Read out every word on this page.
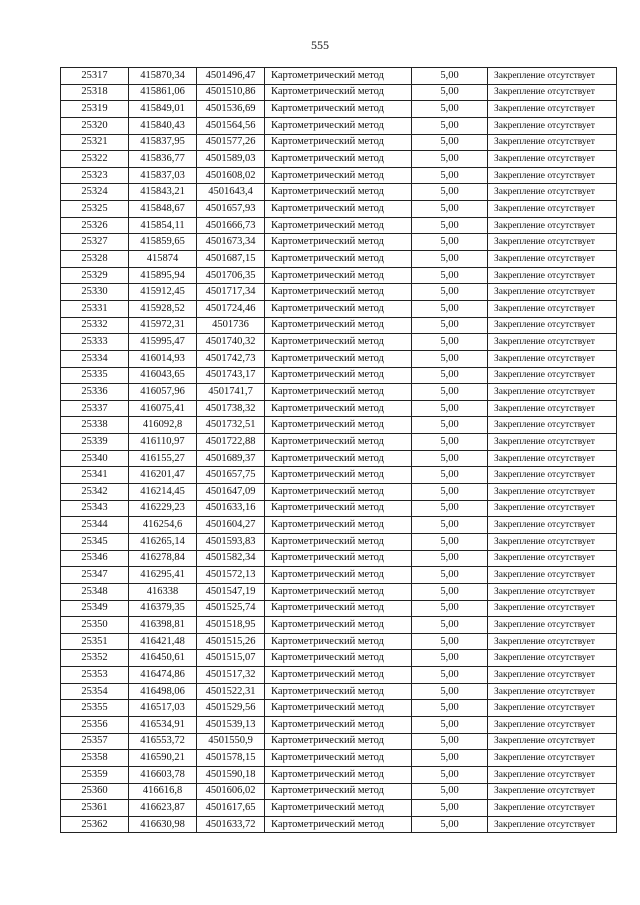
555
25317	415870,34	4501496,47	Картометрический метод	5,00	Закрепление отсутствует
25318	415861,06	4501510,86	Картометрический метод	5,00	Закрепление отсутствует
25319	415849,01	4501536,69	Картометрический метод	5,00	Закрепление отсутствует
25320	415840,43	4501564,56	Картометрический метод	5,00	Закрепление отсутствует
25321	415837,95	4501577,26	Картометрический метод	5,00	Закрепление отсутствует
25322	415836,77	4501589,03	Картометрический метод	5,00	Закрепление отсутствует
25323	415837,03	4501608,02	Картометрический метод	5,00	Закрепление отсутствует
25324	415843,21	4501643,4	Картометрический метод	5,00	Закрепление отсутствует
25325	415848,67	4501657,93	Картометрический метод	5,00	Закрепление отсутствует
25326	415854,11	4501666,73	Картометрический метод	5,00	Закрепление отсутствует
25327	415859,65	4501673,34	Картометрический метод	5,00	Закрепление отсутствует
25328	415874	4501687,15	Картометрический метод	5,00	Закрепление отсутствует
25329	415895,94	4501706,35	Картометрический метод	5,00	Закрепление отсутствует
25330	415912,45	4501717,34	Картометрический метод	5,00	Закрепление отсутствует
25331	415928,52	4501724,46	Картометрический метод	5,00	Закрепление отсутствует
25332	415972,31	4501736	Картометрический метод	5,00	Закрепление отсутствует
25333	415995,47	4501740,32	Картометрический метод	5,00	Закрепление отсутствует
25334	416014,93	4501742,73	Картометрический метод	5,00	Закрепление отсутствует
25335	416043,65	4501743,17	Картометрический метод	5,00	Закрепление отсутствует
25336	416057,96	4501741,7	Картометрический метод	5,00	Закрепление отсутствует
25337	416075,41	4501738,32	Картометрический метод	5,00	Закрепление отсутствует
25338	416092,8	4501732,51	Картометрический метод	5,00	Закрепление отсутствует
25339	416110,97	4501722,88	Картометрический метод	5,00	Закрепление отсутствует
25340	416155,27	4501689,37	Картометрический метод	5,00	Закрепление отсутствует
25341	416201,47	4501657,75	Картометрический метод	5,00	Закрепление отсутствует
25342	416214,45	4501647,09	Картометрический метод	5,00	Закрепление отсутствует
25343	416229,23	4501633,16	Картометрический метод	5,00	Закрепление отсутствует
25344	416254,6	4501604,27	Картометрический метод	5,00	Закрепление отсутствует
25345	416265,14	4501593,83	Картометрический метод	5,00	Закрепление отсутствует
25346	416278,84	4501582,34	Картометрический метод	5,00	Закрепление отсутствует
25347	416295,41	4501572,13	Картометрический метод	5,00	Закрепление отсутствует
25348	416338	4501547,19	Картометрический метод	5,00	Закрепление отсутствует
25349	416379,35	4501525,74	Картометрический метод	5,00	Закрепление отсутствует
25350	416398,81	4501518,95	Картометрический метод	5,00	Закрепление отсутствует
25351	416421,48	4501515,26	Картометрический метод	5,00	Закрепление отсутствует
25352	416450,61	4501515,07	Картометрический метод	5,00	Закрепление отсутствует
25353	416474,86	4501517,32	Картометрический метод	5,00	Закрепление отсутствует
25354	416498,06	4501522,31	Картометрический метод	5,00	Закрепление отсутствует
25355	416517,03	4501529,56	Картометрический метод	5,00	Закрепление отсутствует
25356	416534,91	4501539,13	Картометрический метод	5,00	Закрепление отсутствует
25357	416553,72	4501550,9	Картометрический метод	5,00	Закрепление отсутствует
25358	416590,21	4501578,15	Картометрический метод	5,00	Закрепление отсутствует
25359	416603,78	4501590,18	Картометрический метод	5,00	Закрепление отсутствует
25360	416616,8	4501606,02	Картометрический метод	5,00	Закрепление отсутствует
25361	416623,87	4501617,65	Картометрический метод	5,00	Закрепление отсутствует
25362	416630,98	4501633,72	Картометрический метод	5,00	Закрепление отсутствует
